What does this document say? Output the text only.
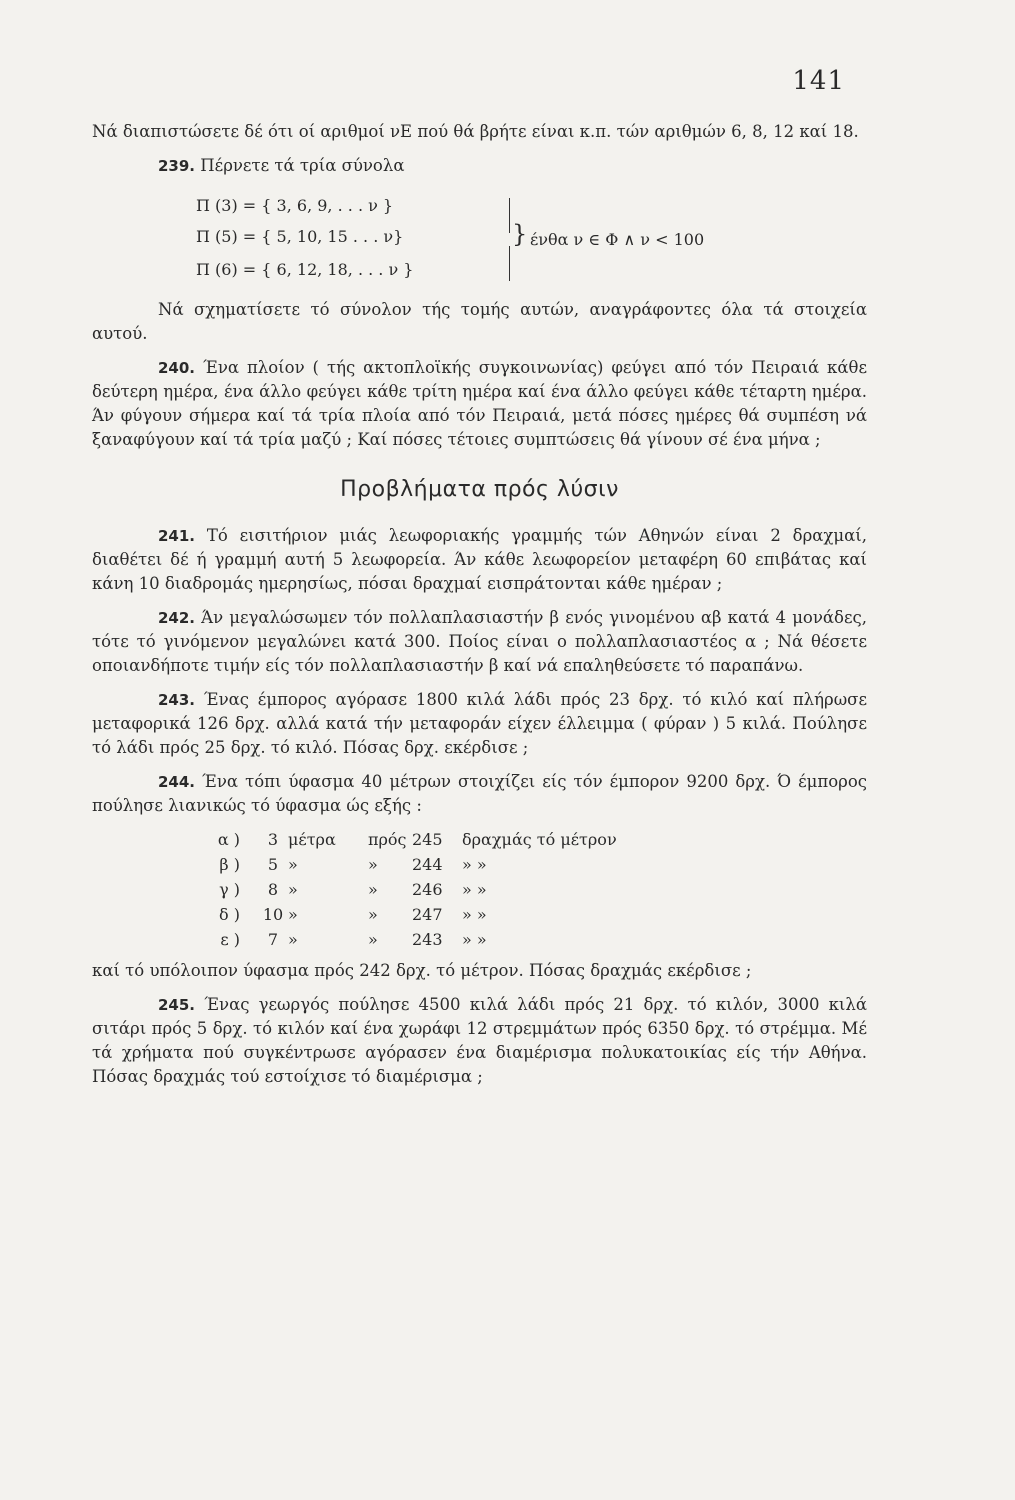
141

Νά διαπιστώσετε δέ ότι οί αριθμοί νΕ πού θά βρήτε είναι κ.π. τών αριθμών 6, 8, 12 καί 18.

239. Πέρνετε τά τρία σύνολα

Π (3) = { 3, 6, 9, . . . ν }
Π (5) = { 5, 10, 15 . . . ν}
Π (6) = { 6, 12, 18, . . . ν }
} ένθα ν ∈ Φ ∧ ν < 100

Νά σχηματίσετε τό σύνολον τής τομής αυτών, αναγράφοντες όλα τά στοιχεία αυτού.

240. Ένα πλοίον ( τής ακτοπλοϊκής συγκοινωνίας) φεύγει από τόν Πειραιά κάθε δεύτερη ημέρα, ένα άλλο φεύγει κάθε τρίτη ημέρα καί ένα άλλο φεύγει κάθε τέταρτη ημέρα. Άν φύγουν σήμερα καί τά τρία πλοία από τόν Πειραιά, μετά πόσες ημέρες θά συμπέση νά ξαναφύγουν καί τά τρία μαζύ ; Καί πόσες τέτοιες συμπτώσεις θά γίνουν σέ ένα μήνα ;

Προβλήματα πρός λύσιν

241. Τό εισιτήριον μιάς λεωφοριακής γραμμής τών Αθηνών είναι 2 δραχμαί, διαθέτει δέ ή γραμμή αυτή 5 λεωφορεία. Άν κάθε λεωφορείον μεταφέρη 60 επιβάτας καί κάνη 10 διαδρομάς ημερησίως, πόσαι δραχμαί εισπράτονται κάθε ημέραν ;

242. Άν μεγαλώσωμεν τόν πολλαπλασιαστήν β ενός γινομένου αβ κατά 4 μονάδες, τότε τό γινόμενον μεγαλώνει κατά 300. Ποίος είναι ο πολλαπλασιαστέος α ; Νά θέσετε οποιανδήποτε τιμήν είς τόν πολλαπλασιαστήν β καί νά επαληθεύσετε τό παραπάνω.

243. Ένας έμπορος αγόρασε 1800 κιλά λάδι πρός 23 δρχ. τό κιλό καί πλήρωσε μεταφορικά 126 δρχ. αλλά κατά τήν μεταφοράν είχεν έλλειμμα ( φύραν ) 5 κιλά. Πούλησε τό λάδι πρός 25 δρχ. τό κιλό. Πόσας δρχ. εκέρδισε ;

244. Ένα τόπι ύφασμα 40 μέτρων στοιχίζει είς τόν έμπορον 9200 δρχ. Ό έμπορος πούλησε λιανικώς τό ύφασμα ώς εξής :

α )	3 μέτρα	πρός 245	δραχμάς τό μέτρον
β )	5 »	»	244	» »
γ )	8 »	»	246	» »
δ )	10 »	»	247	» »
ε )	7 »	»	243	» »

καί τό υπόλοιπον ύφασμα πρός 242 δρχ. τό μέτρον. Πόσας δραχμάς εκέρδισε ;

245. Ένας γεωργός πούλησε 4500 κιλά λάδι πρός 21 δρχ. τό κιλόν, 3000 κιλά σιτάρι πρός 5 δρχ. τό κιλόν καί ένα χωράφι 12 στρεμμάτων πρός 6350 δρχ. τό στρέμμα. Μέ τά χρήματα πού συγκέντρωσε αγόρασεν ένα διαμέρισμα πολυκατοικίας είς τήν Αθήνα. Πόσας δραχμάς τού εστοίχισε τό διαμέρισμα ;
